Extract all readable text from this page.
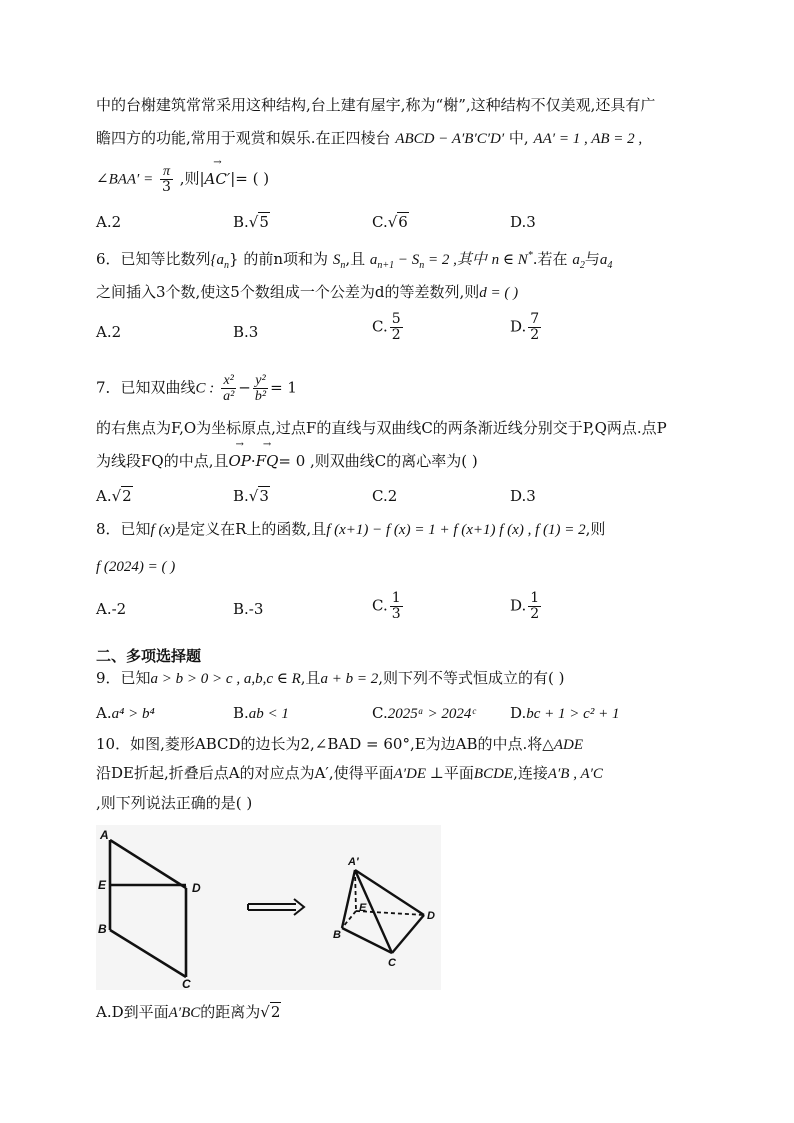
中的台榭建筑常常采用这种结构,台上建有屋宇,称为“榭”,这种结构不仅美观,还具有广
瞻四方的功能,常用于观赏和娱乐.在正四棱台 ABCD − A′B′C′D′ 中, AA′ = 1 , AB = 2 ,
∠BAA′ = $\frac{\pi}{3}$ ,则|→ AC′|= ( )
A.2	B.√5	C.√6	D.3
6．已知等比数列$\{a_n\}$ 的前n项和为 $S_n$,且 $a_{n+1} - S_n = 2$ ,其中 n ∈ N*.若在 $a_2$与$a_4$
之间插入3个数,使这5个数组成一个公差为d的等差数列,则d = ( )
A.2	B.3	C. $\frac{5}{2}$	D. $\frac{7}{2}$
7．已知双曲线C : $\frac{\text{x²}}{\text{a²}} - \frac{\text{y²}}{\text{b²}} = 1$
的右焦点为F,O为坐标原点,过点F的直线与双曲线C的两条渐近线分别交于P,Q两点.点P
为线段FQ的中点,且→ OP·→ FQ= 0 ,则双曲线C的离心率为( )
A.√2	B.√3	C.2	D.3
8．已知f (x)是定义在R上的函数,且f (x+1) − f (x) = 1 + f (x+1) f (x) , f (1) = 2,则
f (2024) = ( )
A.-2	B.-3	C. $\frac{1}{3}$	D. $\frac{1}{2}$
二、多项选择题
9．已知a > b > 0 > c , a,b,c ∈ R,且a + b = 2,则下列不等式恒成立的有( )
A.a⁴ > b⁴	B.ab < 1	C.2025ᵃ > 2024ᶜ D.bc + 1 > c² + 1
10．如图,菱形ABCD的边长为2,∠BAD = 60°,E为边AB的中点.将△ADE
沿DE折起,折叠后点A的对应点为A′,使得平面A′DE ⊥平面BCDE,连接A′B , A′C
,则下列说法正确的是( )
A
E	D
B
C
A′
E
D
B
C
A.D到平面A′BC的距离为√2
